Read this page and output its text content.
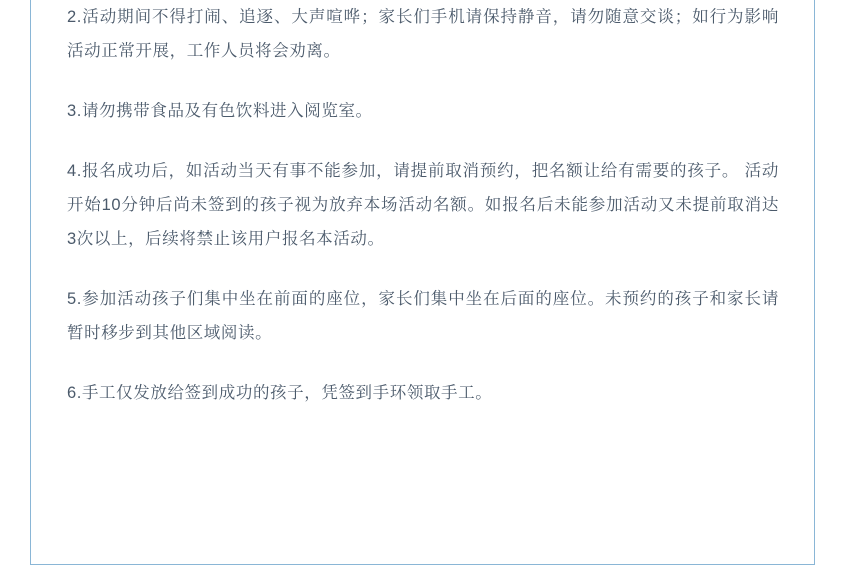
2.活动期间不得打闹、追逐、大声喧哗；家长们手机请保持静音，请勿随意交谈；如行为影响活动正常开展，工作人员将会劝离。

3.请勿携带食品及有色饮料进入阅览室。

4.报名成功后，如活动当天有事不能参加，请提前取消预约，把名额让给有需要的孩子。 活动开始10分钟后尚未签到的孩子视为放弃本场活动名额。如报名后未能参加活动又未提前取消达3次以上，后续将禁止该用户报名本活动。

5.参加活动孩子们集中坐在前面的座位，家长们集中坐在后面的座位。未预约的孩子和家长请暂时移步到其他区域阅读。

6.手工仅发放给签到成功的孩子，凭签到手环领取手工。
